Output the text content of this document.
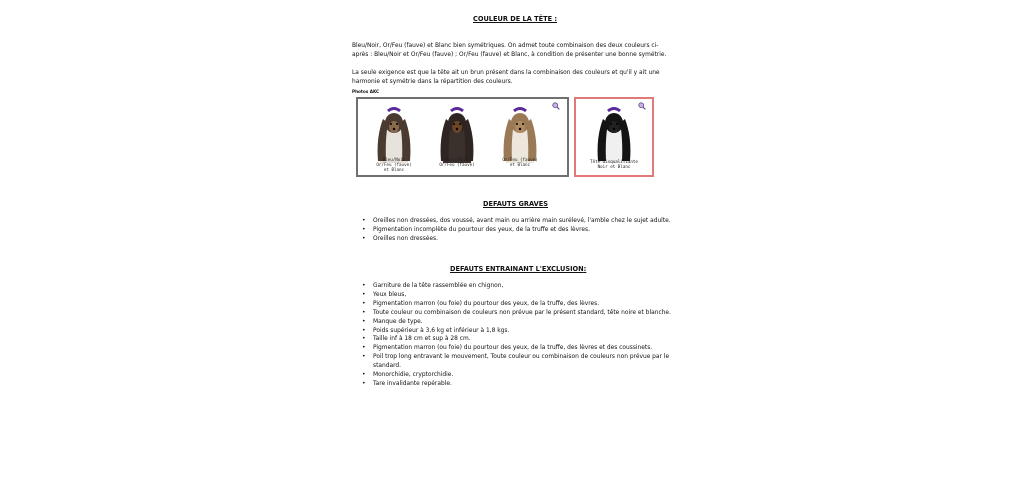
COULEUR DE LA TÊTE :
Bleu/Noir, Or/Feu (fauve) et Blanc bien symétriques. On admet toute combinaison des deux couleurs ci-après : Bleu/Noir et Or/Feu (fauve) ; Or/Feu (fauve) et Blanc, à condition de présenter une bonne symétrie.
La seule exigence est que la tête ait un brun présent dans la combinaison des couleurs et qu'il y ait une harmonie et symétrie dans la répartition des couleurs.
Photos AKC
Bleu/Noir
Or/Feu (fauve)
et Blanc
Bleu/Noir
Or/Feu (fauve)
Or/Feu (fauve)
et Blanc
Tête disqualifiante
Noir et Blanc
DEFAUTS GRAVES
• Oreilles non dressées, dos voussé, avant main ou arrière main surélevé, l'amble chez le sujet adulte.
• Pigmentation incomplète du pourtour des yeux, de la truffe et des lèvres.
• Oreilles non dressées.
DEFAUTS ENTRAINANT L'EXCLUSION:
• Garniture de la tête rassemblée en chignon,
• Yeux bleus,
• Pigmentation marron (ou foie) du pourtour des yeux, de la truffe, des lèvres.
• Toute couleur ou combinaison de couleurs non prévue par le présent standard, tête noire et blanche.
• Manque de type.
• Poids supérieur à 3,6 kg et inférieur à 1,8 kgs.
• Taille inf à 18 cm et sup à 28 cm.
• Pigmentation marron (ou foie) du pourtour des yeux, de la truffe, des lèvres et des coussinets.
• Poil trop long entravant le mouvement, Toute couleur ou combinaison de couleurs non prévue par le standard.
• Monorchidie, cryptorchidie.
• Tare invalidante repérable.
